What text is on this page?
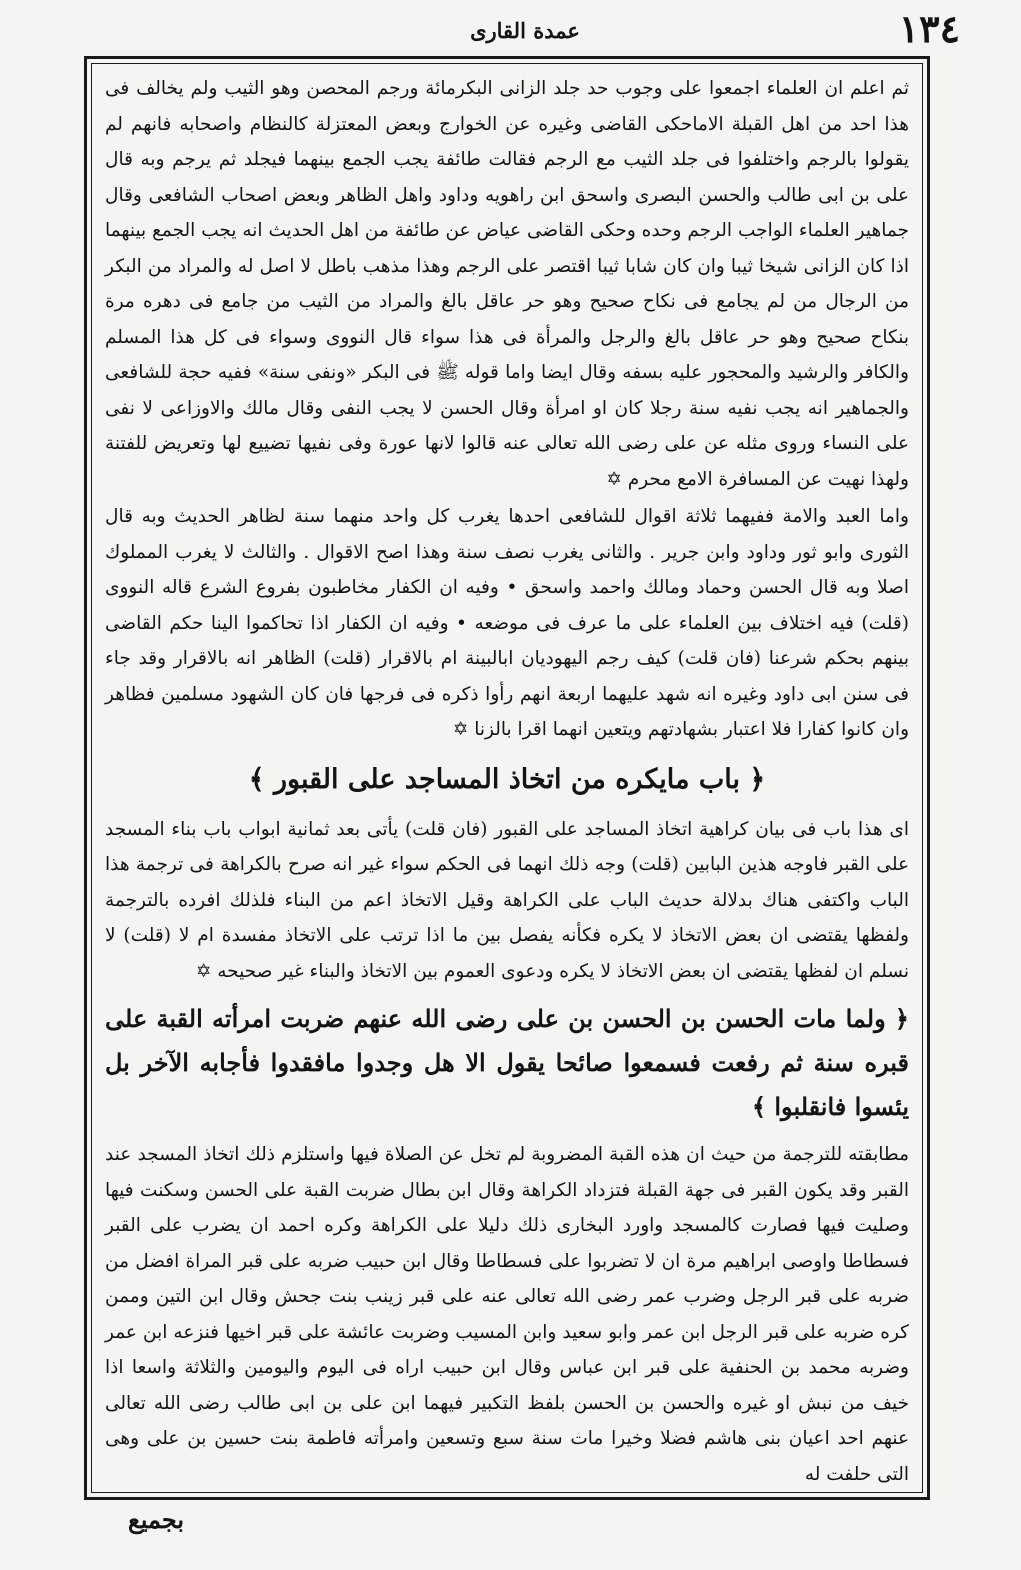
عمدة القارى	١٣٤

ثم اعلم ان العلماء اجمعوا على وجوب حد جلد الزانى البكرمائة ورجم المحصن وهو الثيب ولم يخالف فى هذا احد من اهل القبلة الاماحكى القاضى وغيره عن الخوارج وبعض المعتزلة كالنظام واصحابه فانهم لم يقولوا بالرجم واختلفوا فى جلد الثيب مع الرجم فقالت طائفة يجب الجمع بينهما فيجلد ثم يرجم وبه قال على بن ابى طالب والحسن البصرى واسحق ابن راهويه وداود واهل الظاهر وبعض اصحاب الشافعى وقال جماهير العلماء الواجب الرجم وحده وحكى القاضى عياض عن طائفة من اهل الحديث انه يجب الجمع بينهما اذا كان الزانى شيخا ثيبا وان كان شابا ثيبا اقتصر على الرجم وهذا مذهب باطل لا اصل له والمراد من البكر من الرجال من لم يجامع فى نكاح صحيح وهو حر عاقل بالغ والمراد من الثيب من جامع فى دهره مرة بنكاح صحيح وهو حر عاقل بالغ والرجل والمرأة فى هذا سواء قال النووى وسواء فى كل هذا المسلم والكافر والرشيد والمحجور عليه بسفه وقال ايضا واما قوله ﷺ فى البكر «ونفى سنة» ففيه حجة للشافعى والجماهير انه يجب نفيه سنة رجلا كان او امرأة وقال الحسن لا يجب النفى وقال مالك والاوزاعى لا نفى على النساء وروى مثله عن على رضى الله تعالى عنه قالوا لانها عورة وفى نفيها تضييع لها وتعريض للفتنة ولهذا نهيت عن المسافرة الامع محرم ✡

واما العبد والامة ففيهما ثلاثة اقوال للشافعى احدها يغرب كل واحد منهما سنة لظاهر الحديث وبه قال الثورى وابو ثور وداود وابن جرير . والثانى يغرب نصف سنة وهذا اصح الاقوال . والثالث لا يغرب المملوك اصلا وبه قال الحسن وحماد ومالك واحمد واسحق • وفيه ان الكفار مخاطبون بفروع الشرع قاله النووى (قلت) فيه اختلاف بين العلماء على ما عرف فى موضعه • وفيه ان الكفار اذا تحاكموا الينا حكم القاضى بينهم بحكم شرعنا (فان قلت) كيف رجم اليهوديان ابالبينة ام بالاقرار (قلت) الظاهر انه بالاقرار وقد جاء فى سنن ابى داود وغيره انه شهد عليهما اربعة انهم رأوا ذكره فى فرجها فان كان الشهود مسلمين فظاهر وان كانوا كفارا فلا اعتبار بشهادتهم ويتعين انهما اقرا بالزنا ✡

﴿ باب مايكره من اتخاذ المساجد على القبور ﴾

اى هذا باب فى بيان كراهية اتخاذ المساجد على القبور (فان قلت) يأتى بعد ثمانية ابواب باب بناء المسجد على القبر فاوجه هذين البابين (قلت) وجه ذلك انهما فى الحكم سواء غير انه صرح بالكراهة فى ترجمة هذا الباب واكتفى هناك بدلالة حديث الباب على الكراهة وقيل الاتخاذ اعم من البناء فلذلك افرده بالترجمة ولفظها يقتضى ان بعض الاتخاذ لا يكره فكأنه يفصل بين ما اذا ترتب على الاتخاذ مفسدة ام لا (قلت) لا نسلم ان لفظها يقتضى ان بعض الاتخاذ لا يكره ودعوى العموم بين الاتخاذ والبناء غير صحيحه ✡

﴿ ولما مات الحسن بن الحسن بن على رضى الله عنهم ضربت امرأته القبة على قبره سنة ثم رفعت فسمعوا صائحا يقول الا هل وجدوا مافقدوا فأجابه الآخر بل يئسوا فانقلبوا ﴾

مطابقته للترجمة من حيث ان هذه القبة المضروبة لم تخل عن الصلاة فيها واستلزم ذلك اتخاذ المسجد عند القبر وقد يكون القبر فى جهة القبلة فتزداد الكراهة وقال ابن بطال ضربت القبة على الحسن وسكنت فيها وصليت فيها فصارت كالمسجد واورد البخارى ذلك دليلا على الكراهة وكره احمد ان يضرب على القبر فسطاطا واوصى ابراهيم مرة ان لا تضربوا على فسطاطا وقال ابن حبيب ضربه على قبر المراة افضل من ضربه على قبر الرجل وضرب عمر رضى الله تعالى عنه على قبر زينب بنت جحش وقال ابن التين وممن كره ضربه على قبر الرجل ابن عمر وابو سعيد وابن المسيب وضربت عائشة على قبر اخيها فنزعه ابن عمر وضربه محمد بن الحنفية على قبر ابن عباس وقال ابن حبيب اراه فى اليوم واليومين والثلاثة واسعا اذا خيف من نبش او غيره والحسن بن الحسن بلفظ التكبير فيهما ابن على بن ابى طالب رضى الله تعالى عنهم احد اعيان بنى هاشم فضلا وخيرا مات سنة سبع وتسعين وامرأته فاطمة بنت حسين بن على وهى التى حلفت له

بجميع
